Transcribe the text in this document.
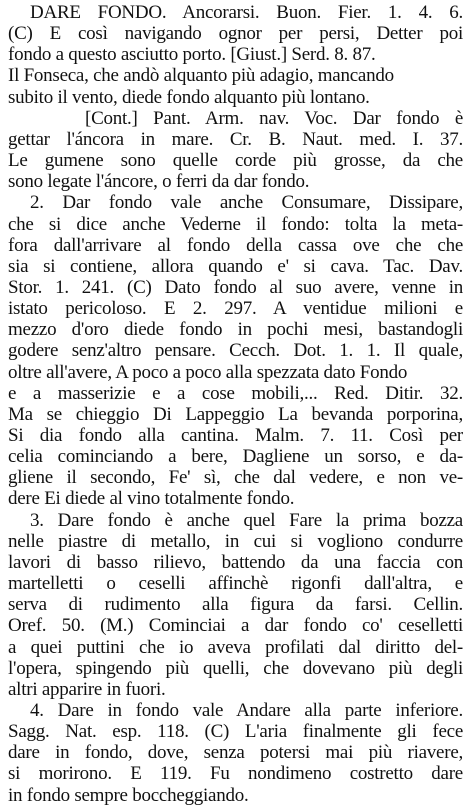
DARE FONDO. Ancorarsi. Buon. Fier. 1. 4. 6.
(C) E così navigando ognor per persi, Detter poi
fondo a questo asciutto porto. [Giust.] Serd. 8. 87.
Il Fonseca, che andò alquanto più adagio, mancando
subito il vento, diede fondo alquanto più lontano.
[Cont.] Pant. Arm. nav. Voc. Dar fondo è
gettar l'áncora in mare. Cr. B. Naut. med. I. 37.
Le gumene sono quelle corde più grosse, da che
sono legate l'áncore, o ferri da dar fondo.
2. Dar fondo vale anche Consumare, Dissipare,
che si dice anche Vederne il fondo: tolta la meta-
fora dall'arrivare al fondo della cassa ove che che
sia si contiene, allora quando e' si cava. Tac. Dav.
Stor. 1. 241. (C) Dato fondo al suo avere, venne in
istato pericoloso. E 2. 297. A ventidue milioni e
mezzo d'oro diede fondo in pochi mesi, bastandogli
godere senz'altro pensare. Cecch. Dot. 1. 1. Il quale,
oltre all'avere, A poco a poco alla spezzata dato Fondo
e a masserizie e a cose mobili,... Red. Ditir. 32.
Ma se chieggio Di Lappeggio La bevanda porporina,
Si dia fondo alla cantina. Malm. 7. 11. Così per
celia cominciando a bere, Dagliene un sorso, e da-
gliene il secondo, Fe' sì, che dal vedere, e non ve-
dere Ei diede al vino totalmente fondo.
3. Dare fondo è anche quel Fare la prima bozza
nelle piastre di metallo, in cui si vogliono condurre
lavori di basso rilievo, battendo da una faccia con
martelletti o ceselli affinchè rigonfi dall'altra, e
serva di rudimento alla figura da farsi. Cellin.
Oref. 50. (M.) Cominciai a dar fondo co' ceselletti
a quei puttini che io aveva profilati dal diritto del-
l'opera, spingendo più quelli, che dovevano più degli
altri apparire in fuori.
4. Dare in fondo vale Andare alla parte inferiore.
Sagg. Nat. esp. 118. (C) L'aria finalmente gli fece
dare in fondo, dove, senza potersi mai più riavere,
si morirono. E 119. Fu nondimeno costretto dare
in fondo sempre boccheggiando.
